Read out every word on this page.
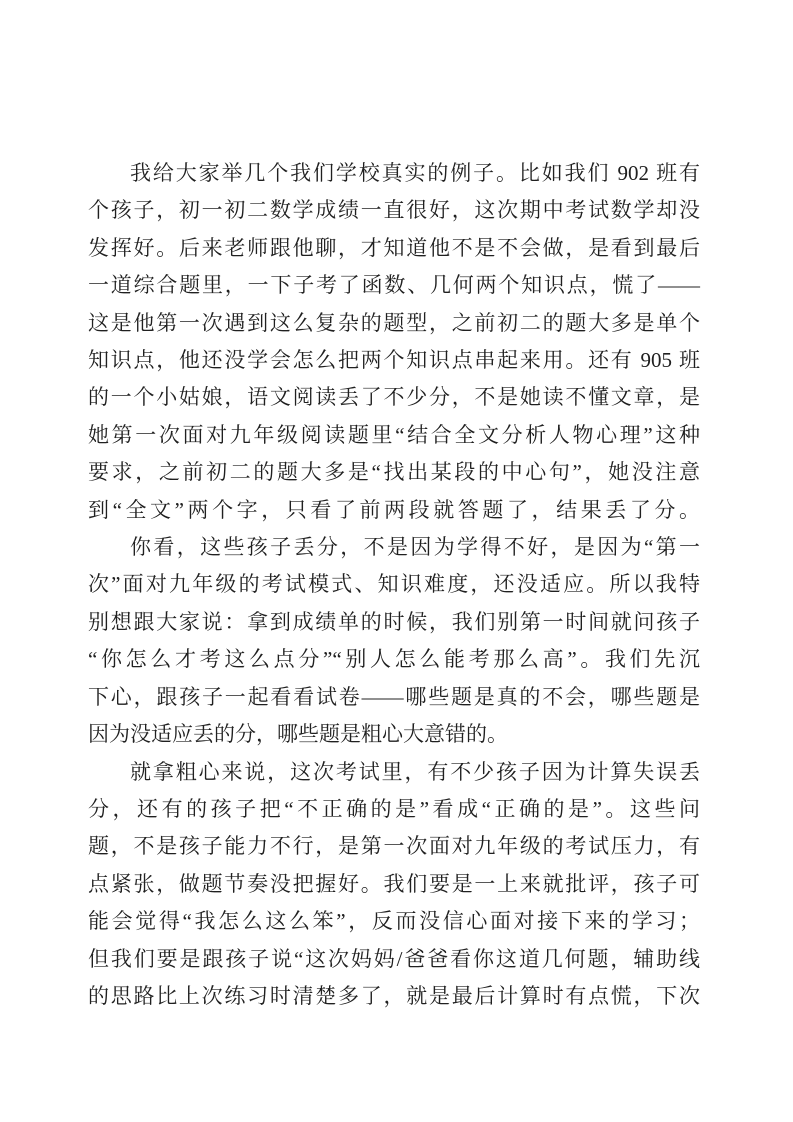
我给大家举几个我们学校真实的例子。比如我们 902 班有
个孩子，初一初二数学成绩一直很好，这次期中考试数学却没
发挥好。后来老师跟他聊，才知道他不是不会做，是看到最后
一道综合题里，一下子考了函数、几何两个知识点，慌了——
这是他第一次遇到这么复杂的题型，之前初二的题大多是单个
知识点，他还没学会怎么把两个知识点串起来用。还有 905 班
的一个小姑娘，语文阅读丢了不少分，不是她读不懂文章，是
她第一次面对九年级阅读题里“结合全文分析人物心理”这种
要求，之前初二的题大多是“找出某段的中心句”，她没注意
到“全文”两个字，只看了前两段就答题了，结果丢了分。

你看，这些孩子丢分，不是因为学得不好，是因为“第一
次”面对九年级的考试模式、知识难度，还没适应。所以我特
别想跟大家说：拿到成绩单的时候，我们别第一时间就问孩子
“你怎么才考这么点分”“别人怎么能考那么高”。我们先沉
下心，跟孩子一起看看试卷——哪些题是真的不会，哪些题是
因为没适应丢的分，哪些题是粗心大意错的。

就拿粗心来说，这次考试里，有不少孩子因为计算失误丢
分，还有的孩子把“不正确的是”看成“正确的是”。这些问
题，不是孩子能力不行，是第一次面对九年级的考试压力，有
点紧张，做题节奏没把握好。我们要是一上来就批评，孩子可
能会觉得“我怎么这么笨”，反而没信心面对接下来的学习；
但我们要是跟孩子说“这次妈妈/爸爸看你这道几何题，辅助线
的思路比上次练习时清楚多了，就是最后计算时有点慌，下次
